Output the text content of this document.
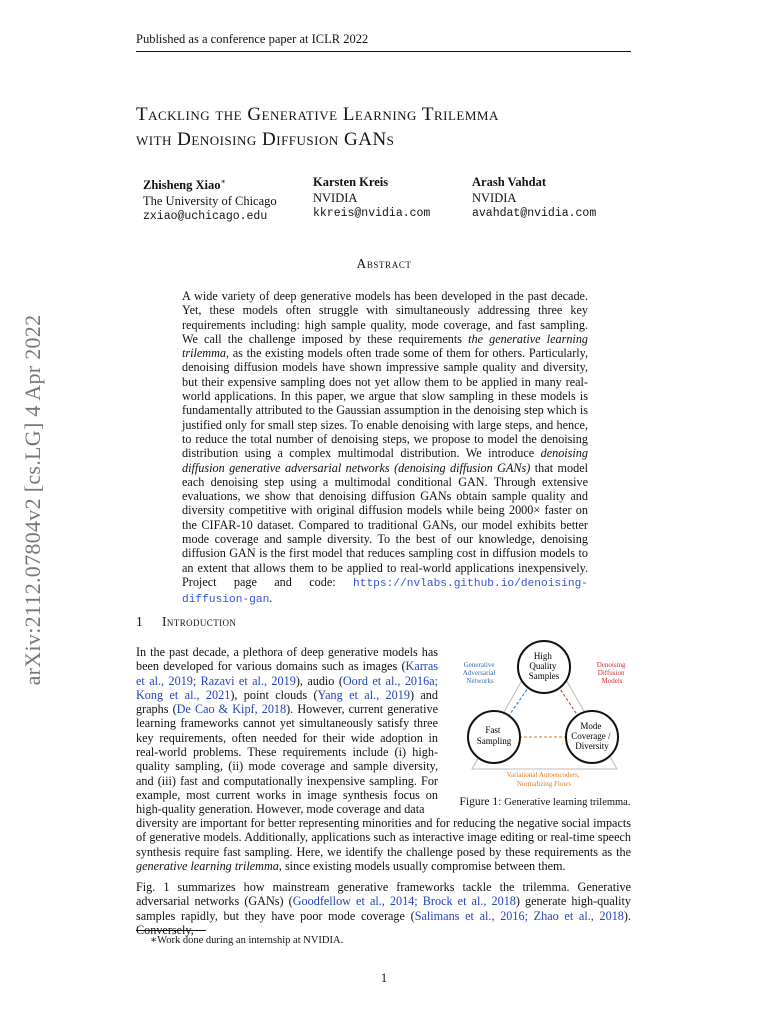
Published as a conference paper at ICLR 2022
arXiv:2112.07804v2 [cs.LG] 4 Apr 2022
Tackling the Generative Learning Trilemma
with Denoising Diffusion GANs
Zhisheng Xiao∗
The University of Chicago
zxiao@uchicago.edu
Karsten Kreis
NVIDIA
kkreis@nvidia.com
Arash Vahdat
NVIDIA
avahdat@nvidia.com
Abstract
A wide variety of deep generative models has been developed in the past decade. Yet, these models often struggle with simultaneously addressing three key requirements including: high sample quality, mode coverage, and fast sampling. We call the challenge imposed by these requirements the generative learning trilemma, as the existing models often trade some of them for others. Particularly, denoising diffusion models have shown impressive sample quality and diversity, but their expensive sampling does not yet allow them to be applied in many real-world applications. In this paper, we argue that slow sampling in these models is fundamentally attributed to the Gaussian assumption in the denoising step which is justified only for small step sizes. To enable denoising with large steps, and hence, to reduce the total number of denoising steps, we propose to model the denoising distribution using a complex multimodal distribution. We introduce denoising diffusion generative adversarial networks (denoising diffusion GANs) that model each denoising step using a multimodal conditional GAN. Through extensive evaluations, we show that denoising diffusion GANs obtain sample quality and diversity competitive with original diffusion models while being 2000× faster on the CIFAR-10 dataset. Compared to traditional GANs, our model exhibits better mode coverage and sample diversity. To the best of our knowledge, denoising diffusion GAN is the first model that reduces sampling cost in diffusion models to an extent that allows them to be applied to real-world applications inexpensively. Project page and code: https://nvlabs.github.io/denoising-diffusion-gan.
1 Introduction
In the past decade, a plethora of deep generative models has been developed for various domains such as images (Karras et al., 2019; Razavi et al., 2019), audio (Oord et al., 2016a; Kong et al., 2021), point clouds (Yang et al., 2019) and graphs (De Cao & Kipf, 2018). However, current generative learning frameworks cannot yet simultaneously satisfy three key requirements, often needed for their wide adoption in real-world problems. These requirements include (i) high-quality sampling, (ii) mode coverage and sample diversity, and (iii) fast and computationally inexpensive sampling. For example, most current works in image synthesis focus on high-quality generation. However, mode coverage and data
diversity are important for better representing minorities and for reducing the negative social impacts of generative models. Additionally, applications such as interactive image editing or real-time speech synthesis require fast sampling. Here, we identify the challenge posed by these requirements as the generative learning trilemma, since existing models usually compromise between them.
Fig. 1 summarizes how mainstream generative frameworks tackle the trilemma. Generative adversarial networks (GANs) (Goodfellow et al., 2014; Brock et al., 2018) generate high-quality samples rapidly, but they have poor mode coverage (Salimans et al., 2016; Zhao et al., 2018). Conversely,
High Quality Samples
Fast Sampling
Mode Coverage / Diversity
Generative Adversarial Networks
Denoising Diffusion Models
Variational Autoencoders, Normalizing Flows
Figure 1: Generative learning trilemma.
∗Work done during an internship at NVIDIA.
1
